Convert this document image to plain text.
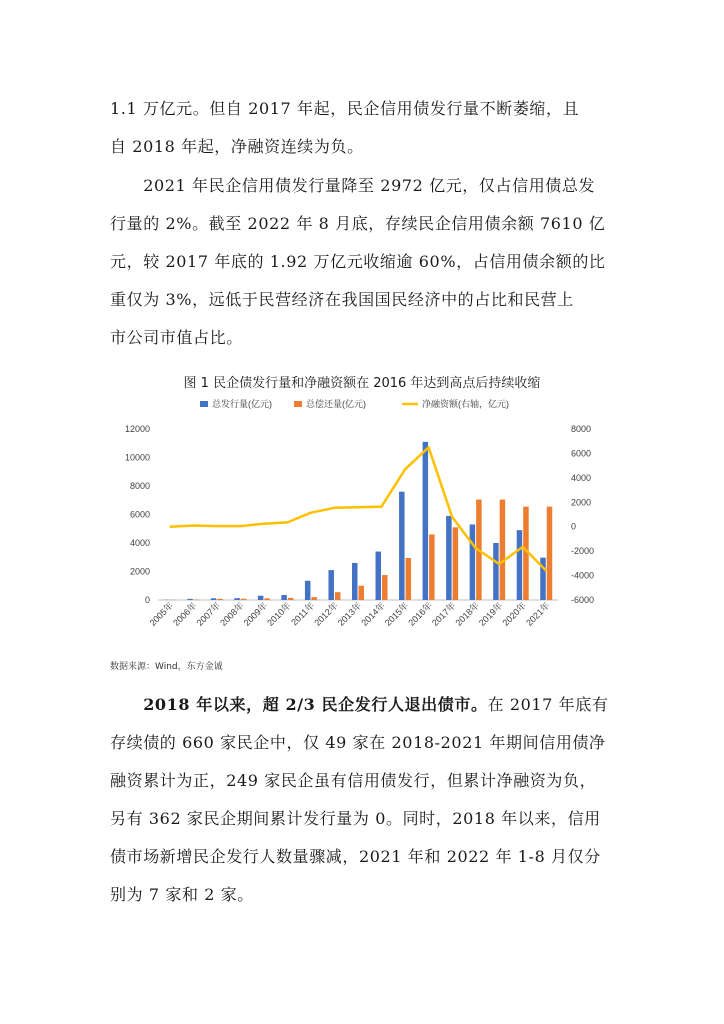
1.1 万亿元。但自 2017 年起，民企信用债发行量不断萎缩，且
自 2018 年起，净融资连续为负。
　　2021 年民企信用债发行量降至 2972 亿元，仅占信用债总发
行量的 2%。截至 2022 年 8 月底，存续民企信用债余额 7610 亿
元，较 2017 年底的 1.92 万亿元收缩逾 60%，占信用债余额的比
重仅为 3%，远低于民营经济在我国国民经济中的占比和民营上
市公司市值占比。
图 1 民企债发行量和净融资额在 2016 年达到高点后持续收缩
总发行量(亿元)	总偿还量(亿元)	净融资额(右轴，亿元)
0
2000
4000
6000
8000
10000
12000
-6000
-4000
-2000
0
2000
4000
6000
8000
2005年
2006年
2007年
2008年
2009年
2010年
2011年
2012年
2013年
2014年
2015年
2016年
2017年
2018年
2019年
2020年
2021年
数据来源：Wind，东方金诚
　　2018 年以来，超 2/3 民企发行人退出债市。在 2017 年底有
存续债的 660 家民企中，仅 49 家在 2018-2021 年期间信用债净
融资累计为正，249 家民企虽有信用债发行，但累计净融资为负，
另有 362 家民企期间累计发行量为 0。同时，2018 年以来，信用
债市场新增民企发行人数量骤减，2021 年和 2022 年 1-8 月仅分
别为 7 家和 2 家。
